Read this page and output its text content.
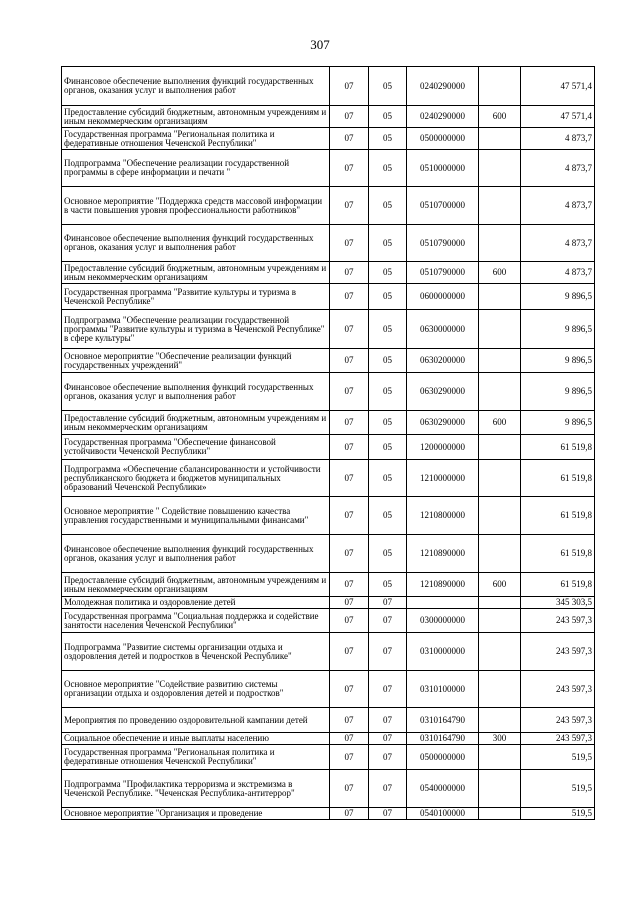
307
Финансовое обеспечение выполнения функций государственных органов, оказания услуг и выполнения работ	07	05	0240290000		47 571,4
Предоставление субсидий бюджетным, автономным учреждениям и иным некоммерческим организациям	07	05	0240290000	600	47 571,4
Государственная программа "Региональная политика и федеративные отношения Чеченской Республики"	07	05	0500000000		4 873,7
Подпрограмма "Обеспечение реализации государственной программы в сфере информации и печати "	07	05	0510000000		4 873,7
Основное мероприятие "Поддержка средств массовой информации в части повышения уровня профессиональности работников"	07	05	0510700000		4 873,7
Финансовое обеспечение выполнения функций государственных органов, оказания услуг и выполнения работ	07	05	0510790000		4 873,7
Предоставление субсидий бюджетным, автономным учреждениям и иным некоммерческим организациям	07	05	0510790000	600	4 873,7
Государственная программа "Развитие культуры и туризма в Чеченской Республике"	07	05	0600000000		9 896,5
Подпрограмма "Обеспечение реализации государственной программы "Развитие культуры и туризма в Чеченской Республике" в сфере культуры"	07	05	0630000000		9 896,5
Основное мероприятие "Обеспечение реализации функций государственных учреждений"	07	05	0630200000		9 896,5
Финансовое обеспечение выполнения функций государственных органов, оказания услуг и выполнения работ	07	05	0630290000		9 896,5
Предоставление субсидий бюджетным, автономным учреждениям и иным некоммерческим организациям	07	05	0630290000	600	9 896,5
Государственная программа "Обеспечение финансовой устойчивости Чеченской Республики"	07	05	1200000000		61 519,8
Подпрограмма «Обеспечение сбалансированности и устойчивости республиканского бюджета и бюджетов муниципальных образований Чеченской Республики»	07	05	1210000000		61 519,8
Основное мероприятие " Содействие повышению качества управления государственными и муниципальными финансами"	07	05	1210800000		61 519,8
Финансовое обеспечение выполнения функций государственных органов, оказания услуг и выполнения работ	07	05	1210890000		61 519,8
Предоставление субсидий бюджетным, автономным учреждениям и иным некоммерческим организациям	07	05	1210890000	600	61 519,8
Молодежная политика и оздоровление детей	07	07			345 303,5
Государственная программа "Социальная поддержка и содействие занятости населения Чеченской Республики"	07	07	0300000000		243 597,3
Подпрограмма "Развитие системы организации отдыха и оздоровления детей и подростков в Чеченской Республике"	07	07	0310000000		243 597,3
Основное мероприятие "Содействие развитию системы организации отдыха и оздоровления детей и подростков"	07	07	0310100000		243 597,3
Мероприятия по проведению оздоровительной кампании детей	07	07	0310164790		243 597,3
Социальное обеспечение и иные выплаты населению	07	07	0310164790	300	243 597,3
Государственная программа "Региональная политика и федеративные отношения Чеченской Республики"	07	07	0500000000		519,5
Подпрограмма "Профилактика терроризма и экстремизма в Чеченской Республике. "Чеченская Республика-антитеррор"	07	07	0540000000		519,5
Основное мероприятие "Организация и проведение	07	07	0540100000		519,5
